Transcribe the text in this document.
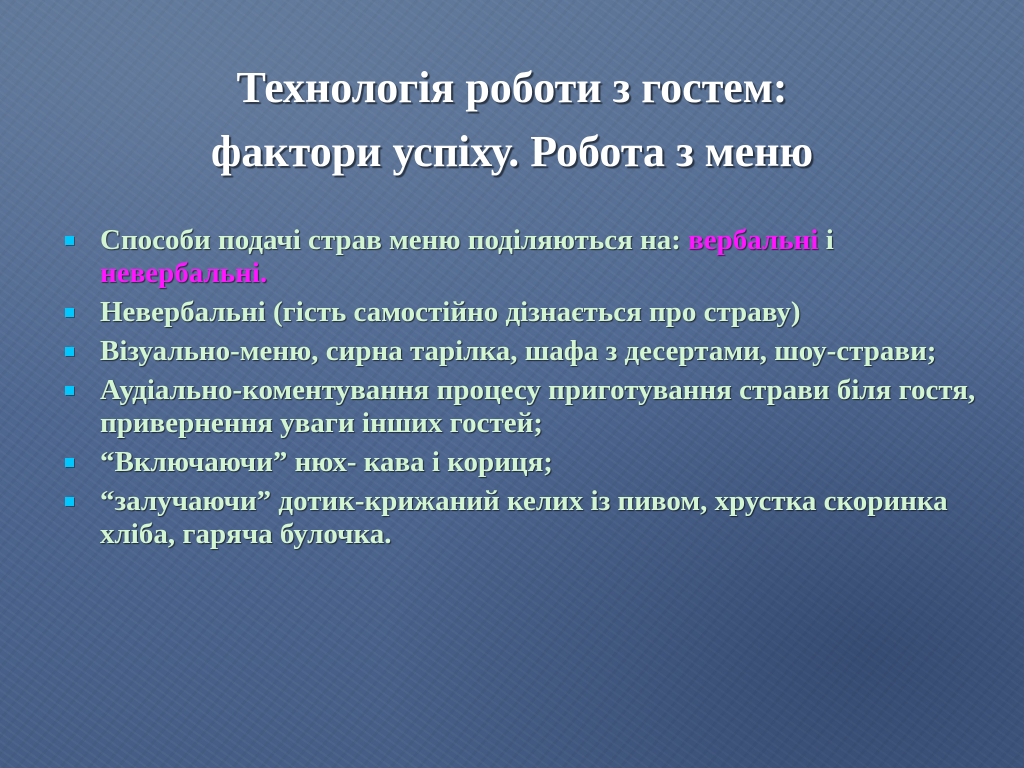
Технологія роботи з гостем:
фактори успіху. Робота з меню
Способи подачі страв меню поділяються на: вербальні і невербальні.
Невербальні (гість самостійно дізнається про страву)
Візуально-меню, сирна тарілка, шафа з десертами, шоу-страви;
Аудіально-коментування процесу приготування страви біля гостя, привернення уваги інших гостей;
“Включаючи” нюх- кава і кориця;
“залучаючи” дотик-крижаний келих із пивом, хрустка скоринка хліба, гаряча булочка.
